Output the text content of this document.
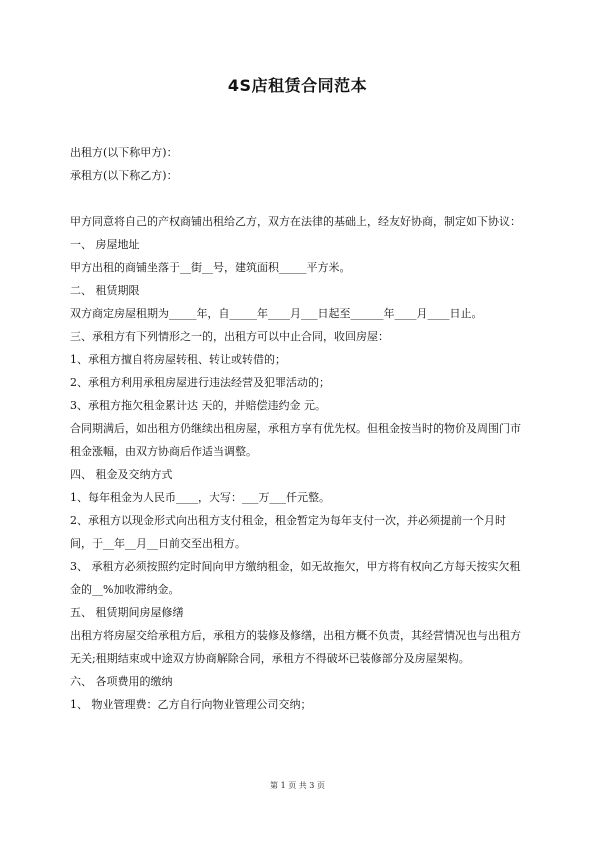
4S店租赁合同范本
出租方(以下称甲方)：
承租方(以下称乙方)：
甲方同意将自己的产权商铺出租给乙方，双方在法律的基础上，经友好协商，制定如下协议：
一、 房屋地址
甲方出租的商铺坐落于__街__号，建筑面积_____平方米。
二、 租赁期限
双方商定房屋租期为_____年，自_____年____月___日起至______年____月____日止。
三、承租方有下列情形之一的，出租方可以中止合同，收回房屋：
1、承租方擅自将房屋转租、转让或转借的；
2、承租方利用承租房屋进行违法经营及犯罪活动的；
3、承租方拖欠租金累计达 天的，并赔偿违约金 元。
合同期满后，如出租方仍继续出租房屋，承租方享有优先权。但租金按当时的物价及周围门市租金涨幅，由双方协商后作适当调整。
四、 租金及交纳方式
1、每年租金为人民币____，大写：___万___仟元整。
2、承租方以现金形式向出租方支付租金，租金暂定为每年支付一次，并必须提前一个月时间，于__年__月__日前交至出租方。
3、 承租方必须按照约定时间向甲方缴纳租金，如无故拖欠，甲方将有权向乙方每天按实欠租金的__%加收滞纳金。
五、 租赁期间房屋修缮
出租方将房屋交给承租方后，承租方的装修及修缮，出租方概不负责，其经营情况也与出租方无关;租期结束或中途双方协商解除合同，承租方不得破坏已装修部分及房屋架构。
六、 各项费用的缴纳
1、 物业管理费：乙方自行向物业管理公司交纳；
第 1 页 共 3 页
